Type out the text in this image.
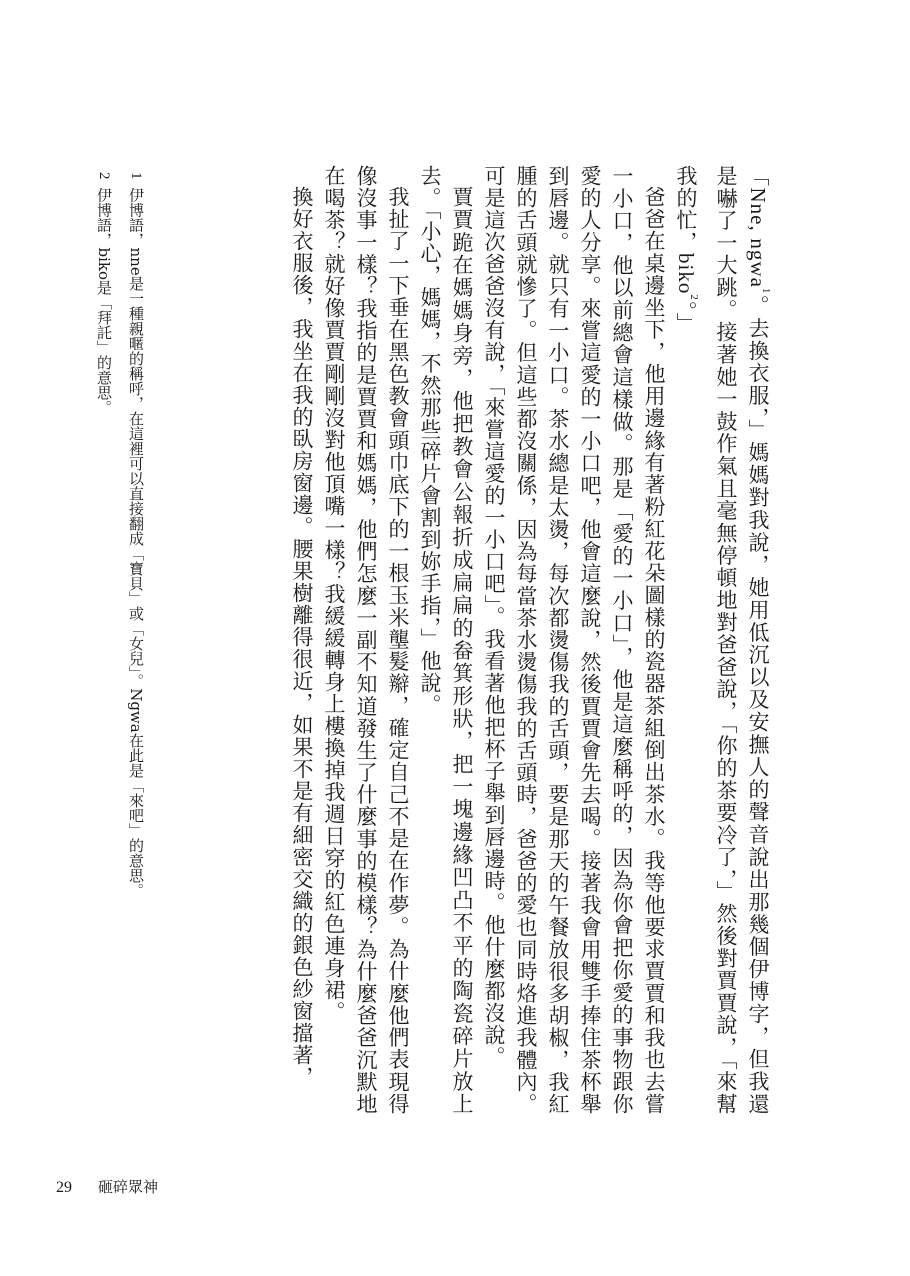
「Nne, ngwa$^1$。去換衣服，」媽媽對我說，她用低沉以及安撫人的聲音說出那幾個伊博字，但我還是嚇了一大跳。接著她一鼓作氣且毫無停頓地對爸爸說，「你的茶要冷了，」然後對賈賈說，「來幫我的忙，biko$^2$。」

爸爸在桌邊坐下，他用邊緣有著粉紅花朵圖樣的瓷器茶組倒出茶水。我等他要求賈賈和我也去嘗一小口，他以前總會這樣做。那是「愛的一小口」，他是這麼稱呼的，因為你會把你愛的事物跟你愛的人分享。來嘗這愛的一小口吧，他會這麼說，然後賈賈會先去喝。接著我會用雙手捧住茶杯舉到唇邊。就只有一小口。茶水總是太燙，每次都燙傷我的舌頭，要是那天的午餐放很多胡椒，我紅腫的舌頭就慘了。但這些都沒關係，因為每當茶水燙傷我的舌頭時，爸爸的愛也同時烙進我體內。可是這次爸爸沒有說，「來嘗這愛的一小口吧」。我看著他把杯子舉到唇邊時。他什麼都沒說。

賈賈跪在媽媽身旁，他把教會公報折成扁扁的畚箕形狀，把一塊邊緣凹凸不平的陶瓷碎片放上去。「小心，媽媽，不然那些碎片會割到妳手指，」他說。

我扯了一下垂在黑色教會頭巾底下的一根玉米壟髮辮，確定自己不是在作夢。為什麼他們表現得像沒事一樣？我指的是賈賈和媽媽，他們怎麼一副不知道發生了什麼事的模樣？為什麼爸爸沉默地在喝茶？就好像賈賈剛剛沒對他頂嘴一樣？我緩緩轉身上樓換掉我週日穿的紅色連身裙。

換好衣服後，我坐在我的臥房窗邊。腰果樹離得很近，如果不是有細密交織的銀色紗窗擋著，

1伊博語，nne是一種親暱的稱呼，在這裡可以直接翻成「寶貝」或「女兒」。Ngwa在此是「來吧」的意思。

2伊博語，biko是「拜託」的意思。

29 砸碎眾神
